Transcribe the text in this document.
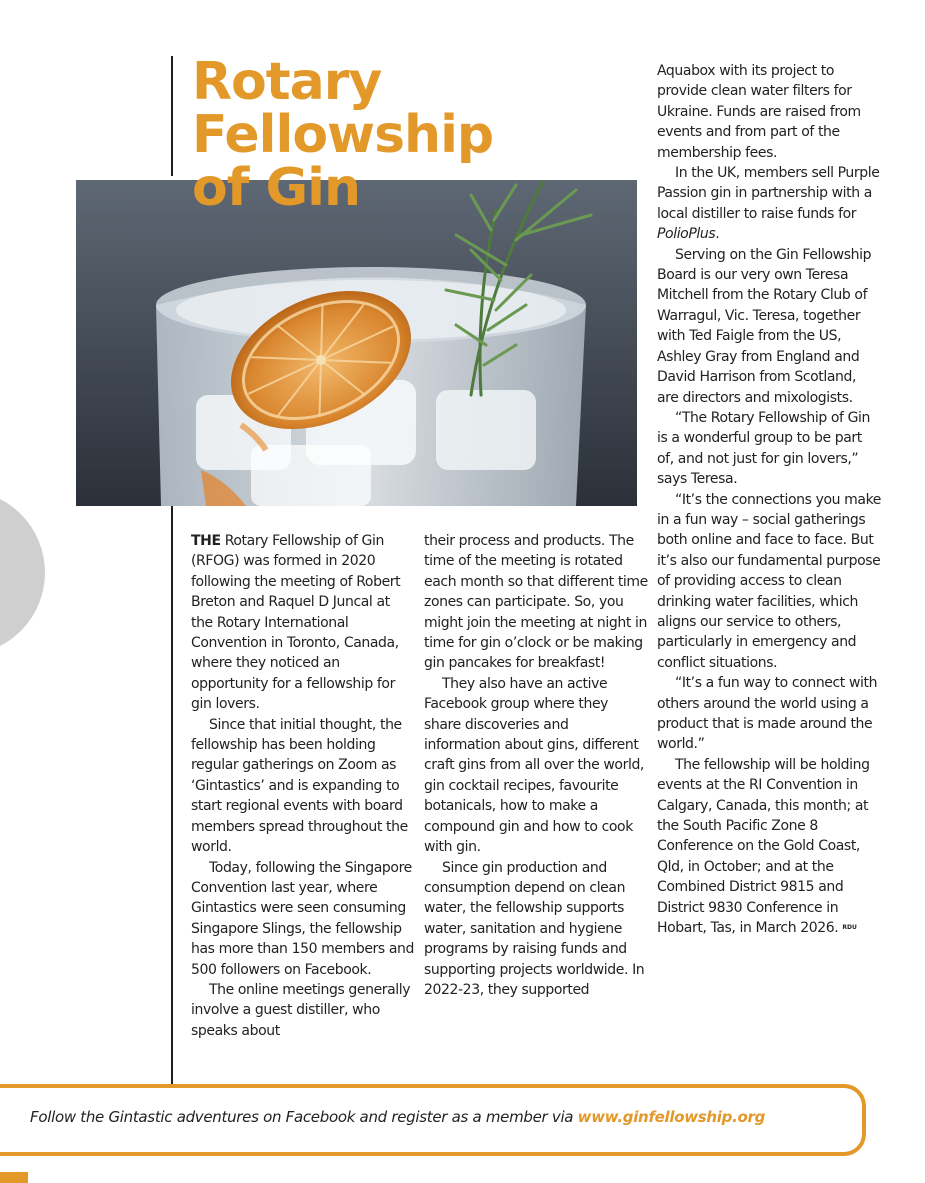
Rotary
Fellowship
of Gin

THE Rotary Fellowship of Gin (RFOG) was formed in 2020 following the meeting of Robert Breton and Raquel D Juncal at the Rotary International Convention in Toronto, Canada, where they noticed an opportunity for a fellowship for gin lovers.

Since that initial thought, the fellowship has been holding regular gatherings on Zoom as ‘Gintastics’ and is expanding to start regional events with board members spread throughout the world.

Today, following the Singapore Convention last year, where Gintastics were seen consuming Singapore Slings, the fellowship has more than 150 members and 500 followers on Facebook.

The online meetings generally involve a guest distiller, who speaks about

their process and products. The time of the meeting is rotated each month so that different time zones can participate. So, you might join the meeting at night in time for gin o’clock or be making gin pancakes for breakfast!

They also have an active Facebook group where they share discoveries and information about gins, different craft gins from all over the world, gin cocktail recipes, favourite botanicals, how to make a compound gin and how to cook with gin.

Since gin production and consumption depend on clean water, the fellowship supports water, sanitation and hygiene programs by raising funds and supporting projects worldwide. In 2022-23, they supported

Aquabox with its project to provide clean water filters for Ukraine. Funds are raised from events and from part of the membership fees.

In the UK, members sell Purple Passion gin in partnership with a local distiller to raise funds for PolioPlus.

Serving on the Gin Fellowship Board is our very own Teresa Mitchell from the Rotary Club of Warragul, Vic. Teresa, together with Ted Faigle from the US, Ashley Gray from England and David Harrison from Scotland, are directors and mixologists.

“The Rotary Fellowship of Gin is a wonderful group to be part of, and not just for gin lovers,” says Teresa.

“It’s the connections you make in a fun way – social gatherings both online and face to face. But it’s also our fundamental purpose of providing access to clean drinking water facilities, which aligns our service to others, particularly in emergency and conflict situations.

“It’s a fun way to connect with others around the world using a product that is made around the world.”

The fellowship will be holding events at the RI Convention in Calgary, Canada, this month; at the South Pacific Zone 8 Conference on the Gold Coast, Qld, in October; and at the Combined District 9815 and District 9830 Conference in Hobart, Tas, in March 2026. RDU

Follow the Gintastic adventures on Facebook and register as a member via www.ginfellowship.org
